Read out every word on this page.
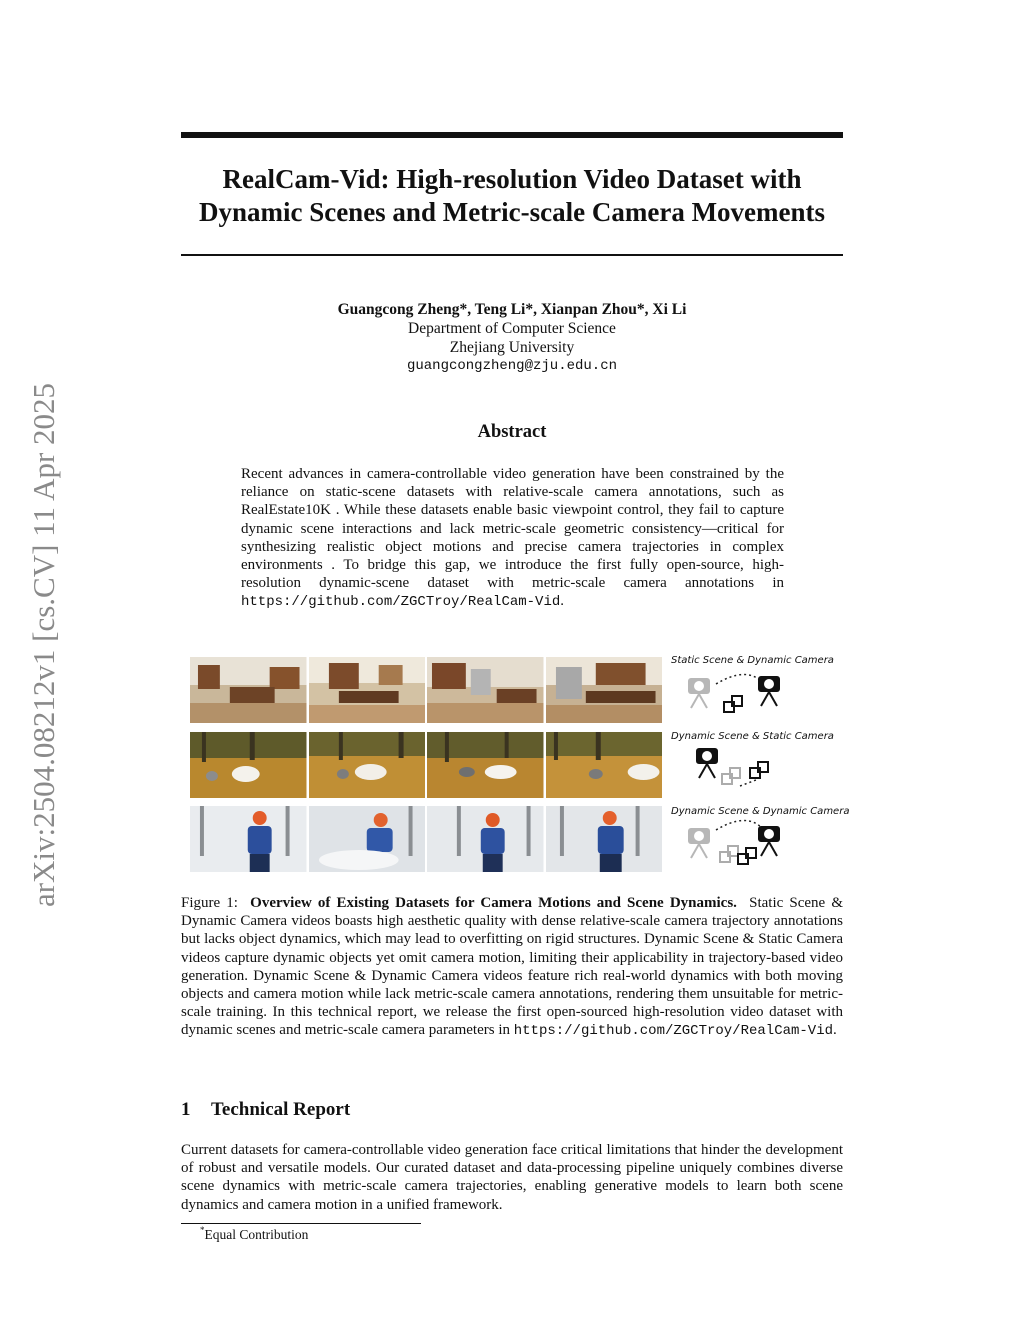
arXiv:2504.08212v1 [cs.CV] 11 Apr 2025
RealCam-Vid: High-resolution Video Dataset with
Dynamic Scenes and Metric-scale Camera Movements
Guangcong Zheng*, Teng Li*, Xianpan Zhou*, Xi Li
Department of Computer Science
Zhejiang University
guangcongzheng@zju.edu.cn
Abstract
Recent advances in camera-controllable video generation have been constrained by the reliance on static-scene datasets with relative-scale camera annotations, such as RealEstate10K . While these datasets enable basic viewpoint control, they fail to capture dynamic scene interactions and lack metric-scale geometric consistency—critical for synthesizing realistic object motions and precise camera trajectories in complex environments . To bridge this gap, we introduce the first fully open-source, high-resolution dynamic-scene dataset with metric-scale camera annotations in https://github.com/ZGCTroy/RealCam-Vid.
Static Scene & Dynamic Camera
Dynamic Scene & Static Camera
Dynamic Scene & Dynamic Camera
Figure 1: Overview of Existing Datasets for Camera Motions and Scene Dynamics. Static Scene & Dynamic Camera videos boasts high aesthetic quality with dense relative-scale camera trajectory annotations but lacks object dynamics, which may lead to overfitting on rigid structures. Dynamic Scene & Static Camera videos capture dynamic objects yet omit camera motion, limiting their applicability in trajectory-based video generation. Dynamic Scene & Dynamic Camera videos feature rich real-world dynamics with both moving objects and camera motion while lack metric-scale camera annotations, rendering them unsuitable for metric-scale training. In this technical report, we release the first open-sourced high-resolution video dataset with dynamic scenes and metric-scale camera parameters in https://github.com/ZGCTroy/RealCam-Vid.
1 Technical Report
Current datasets for camera-controllable video generation face critical limitations that hinder the development of robust and versatile models. Our curated dataset and data-processing pipeline uniquely combines diverse scene dynamics with metric-scale camera trajectories, enabling generative models to learn both scene dynamics and camera motion in a unified framework.
*Equal Contribution
